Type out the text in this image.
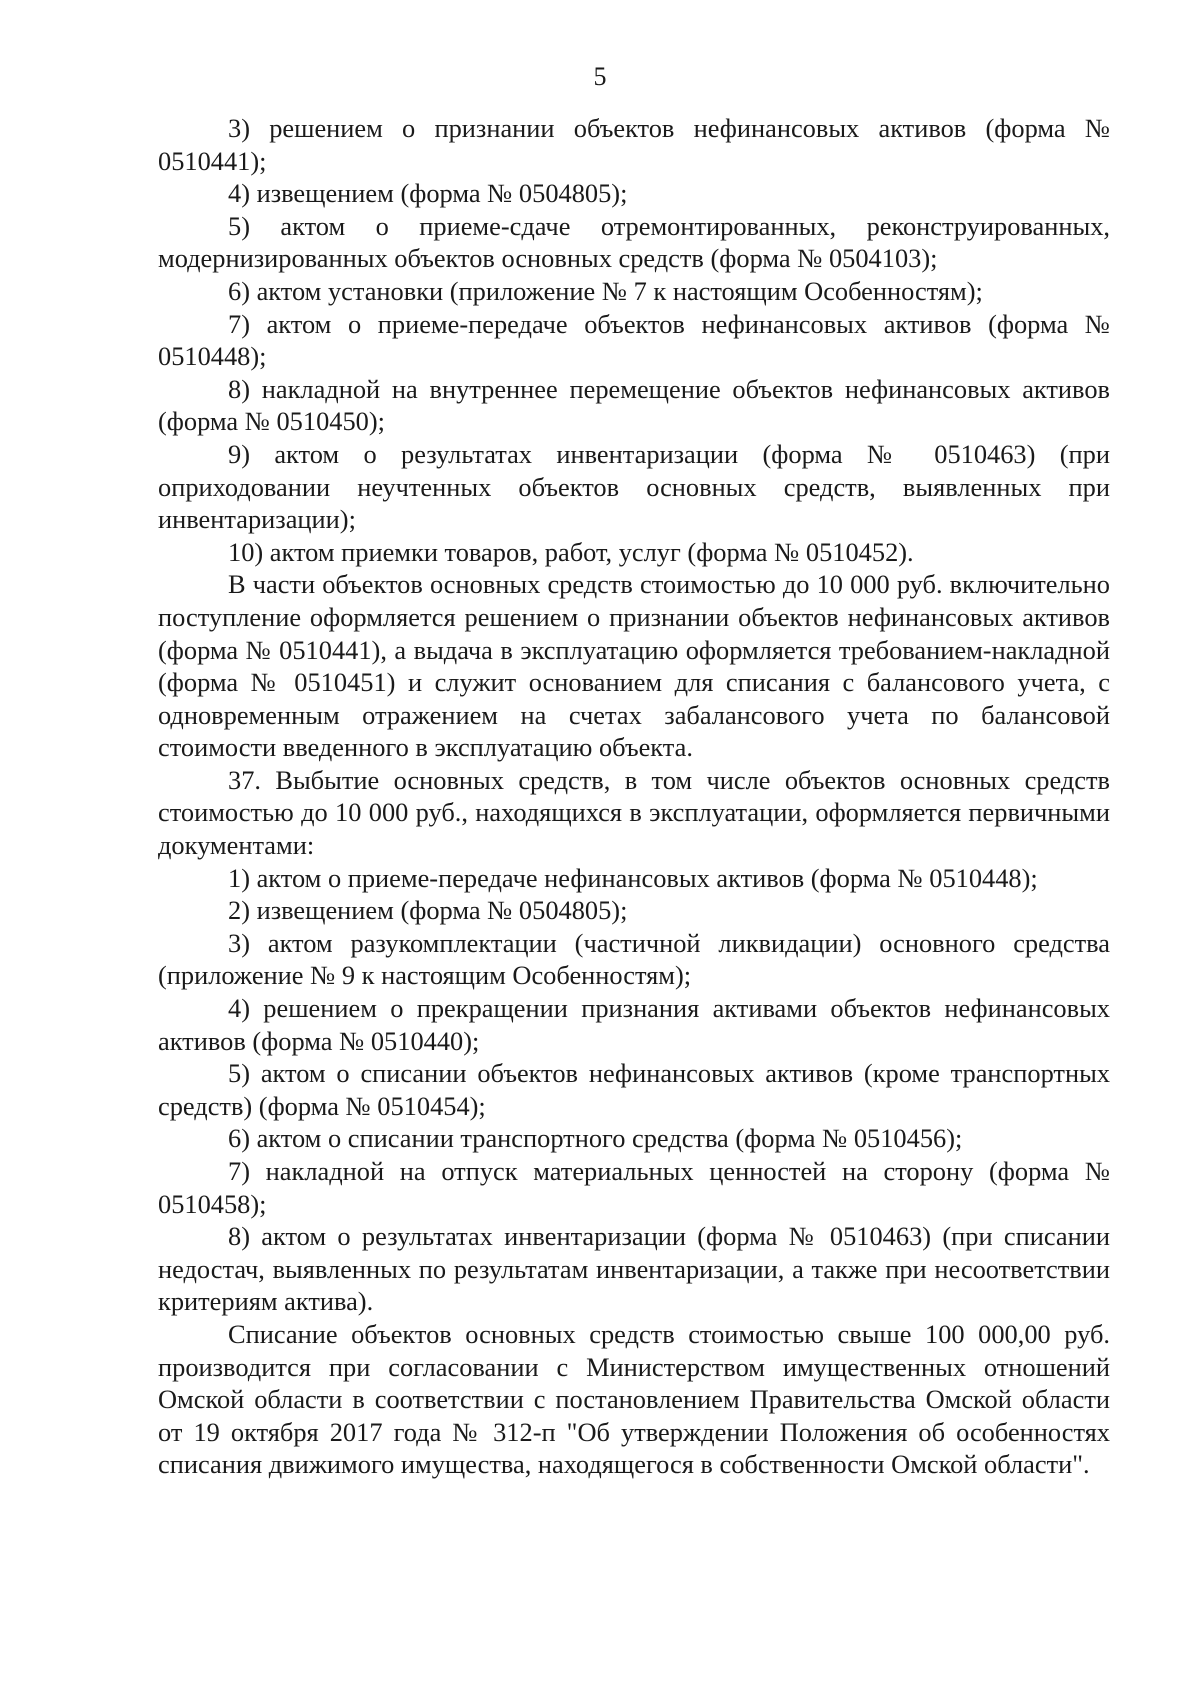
5

3) решением о признании объектов нефинансовых активов (форма № 0510441);

4) извещением (форма № 0504805);

5) актом о приеме-сдаче отремонтированных, реконструированных, модернизированных объектов основных средств (форма № 0504103);

6) актом установки (приложение № 7 к настоящим Особенностям);

7) актом о приеме-передаче объектов нефинансовых активов (форма № 0510448);

8) накладной на внутреннее перемещение объектов нефинансовых активов (форма № 0510450);

9) актом о результатах инвентаризации (форма № 0510463) (при оприходовании неучтенных объектов основных средств, выявленных при инвентаризации);

10) актом приемки товаров, работ, услуг (форма № 0510452).

В части объектов основных средств стоимостью до 10 000 руб. включительно поступление оформляется решением о признании объектов нефинансовых активов (форма № 0510441), а выдача в эксплуатацию оформляется требованием-накладной (форма № 0510451) и служит основанием для списания с балансового учета, с одновременным отражением на счетах забалансового учета по балансовой стоимости введенного в эксплуатацию объекта.

37. Выбытие основных средств, в том числе объектов основных средств стоимостью до 10 000 руб., находящихся в эксплуатации, оформляется первичными документами:

1) актом о приеме-передаче нефинансовых активов (форма № 0510448);

2) извещением (форма № 0504805);

3) актом разукомплектации (частичной ликвидации) основного средства (приложение № 9 к настоящим Особенностям);

4) решением о прекращении признания активами объектов нефинансовых активов (форма № 0510440);

5) актом о списании объектов нефинансовых активов (кроме транспортных средств) (форма № 0510454);

6) актом о списании транспортного средства (форма № 0510456);

7) накладной на отпуск материальных ценностей на сторону (форма № 0510458);

8) актом о результатах инвентаризации (форма № 0510463) (при списании недостач, выявленных по результатам инвентаризации, а также при несоответствии критериям актива).

Списание объектов основных средств стоимостью свыше 100 000,00 руб. производится при согласовании с Министерством имущественных отношений Омской области в соответствии с постановлением Правительства Омской области от 19 октября 2017 года № 312-п "Об утверждении Положения об особенностях списания движимого имущества, находящегося в собственности Омской области".
